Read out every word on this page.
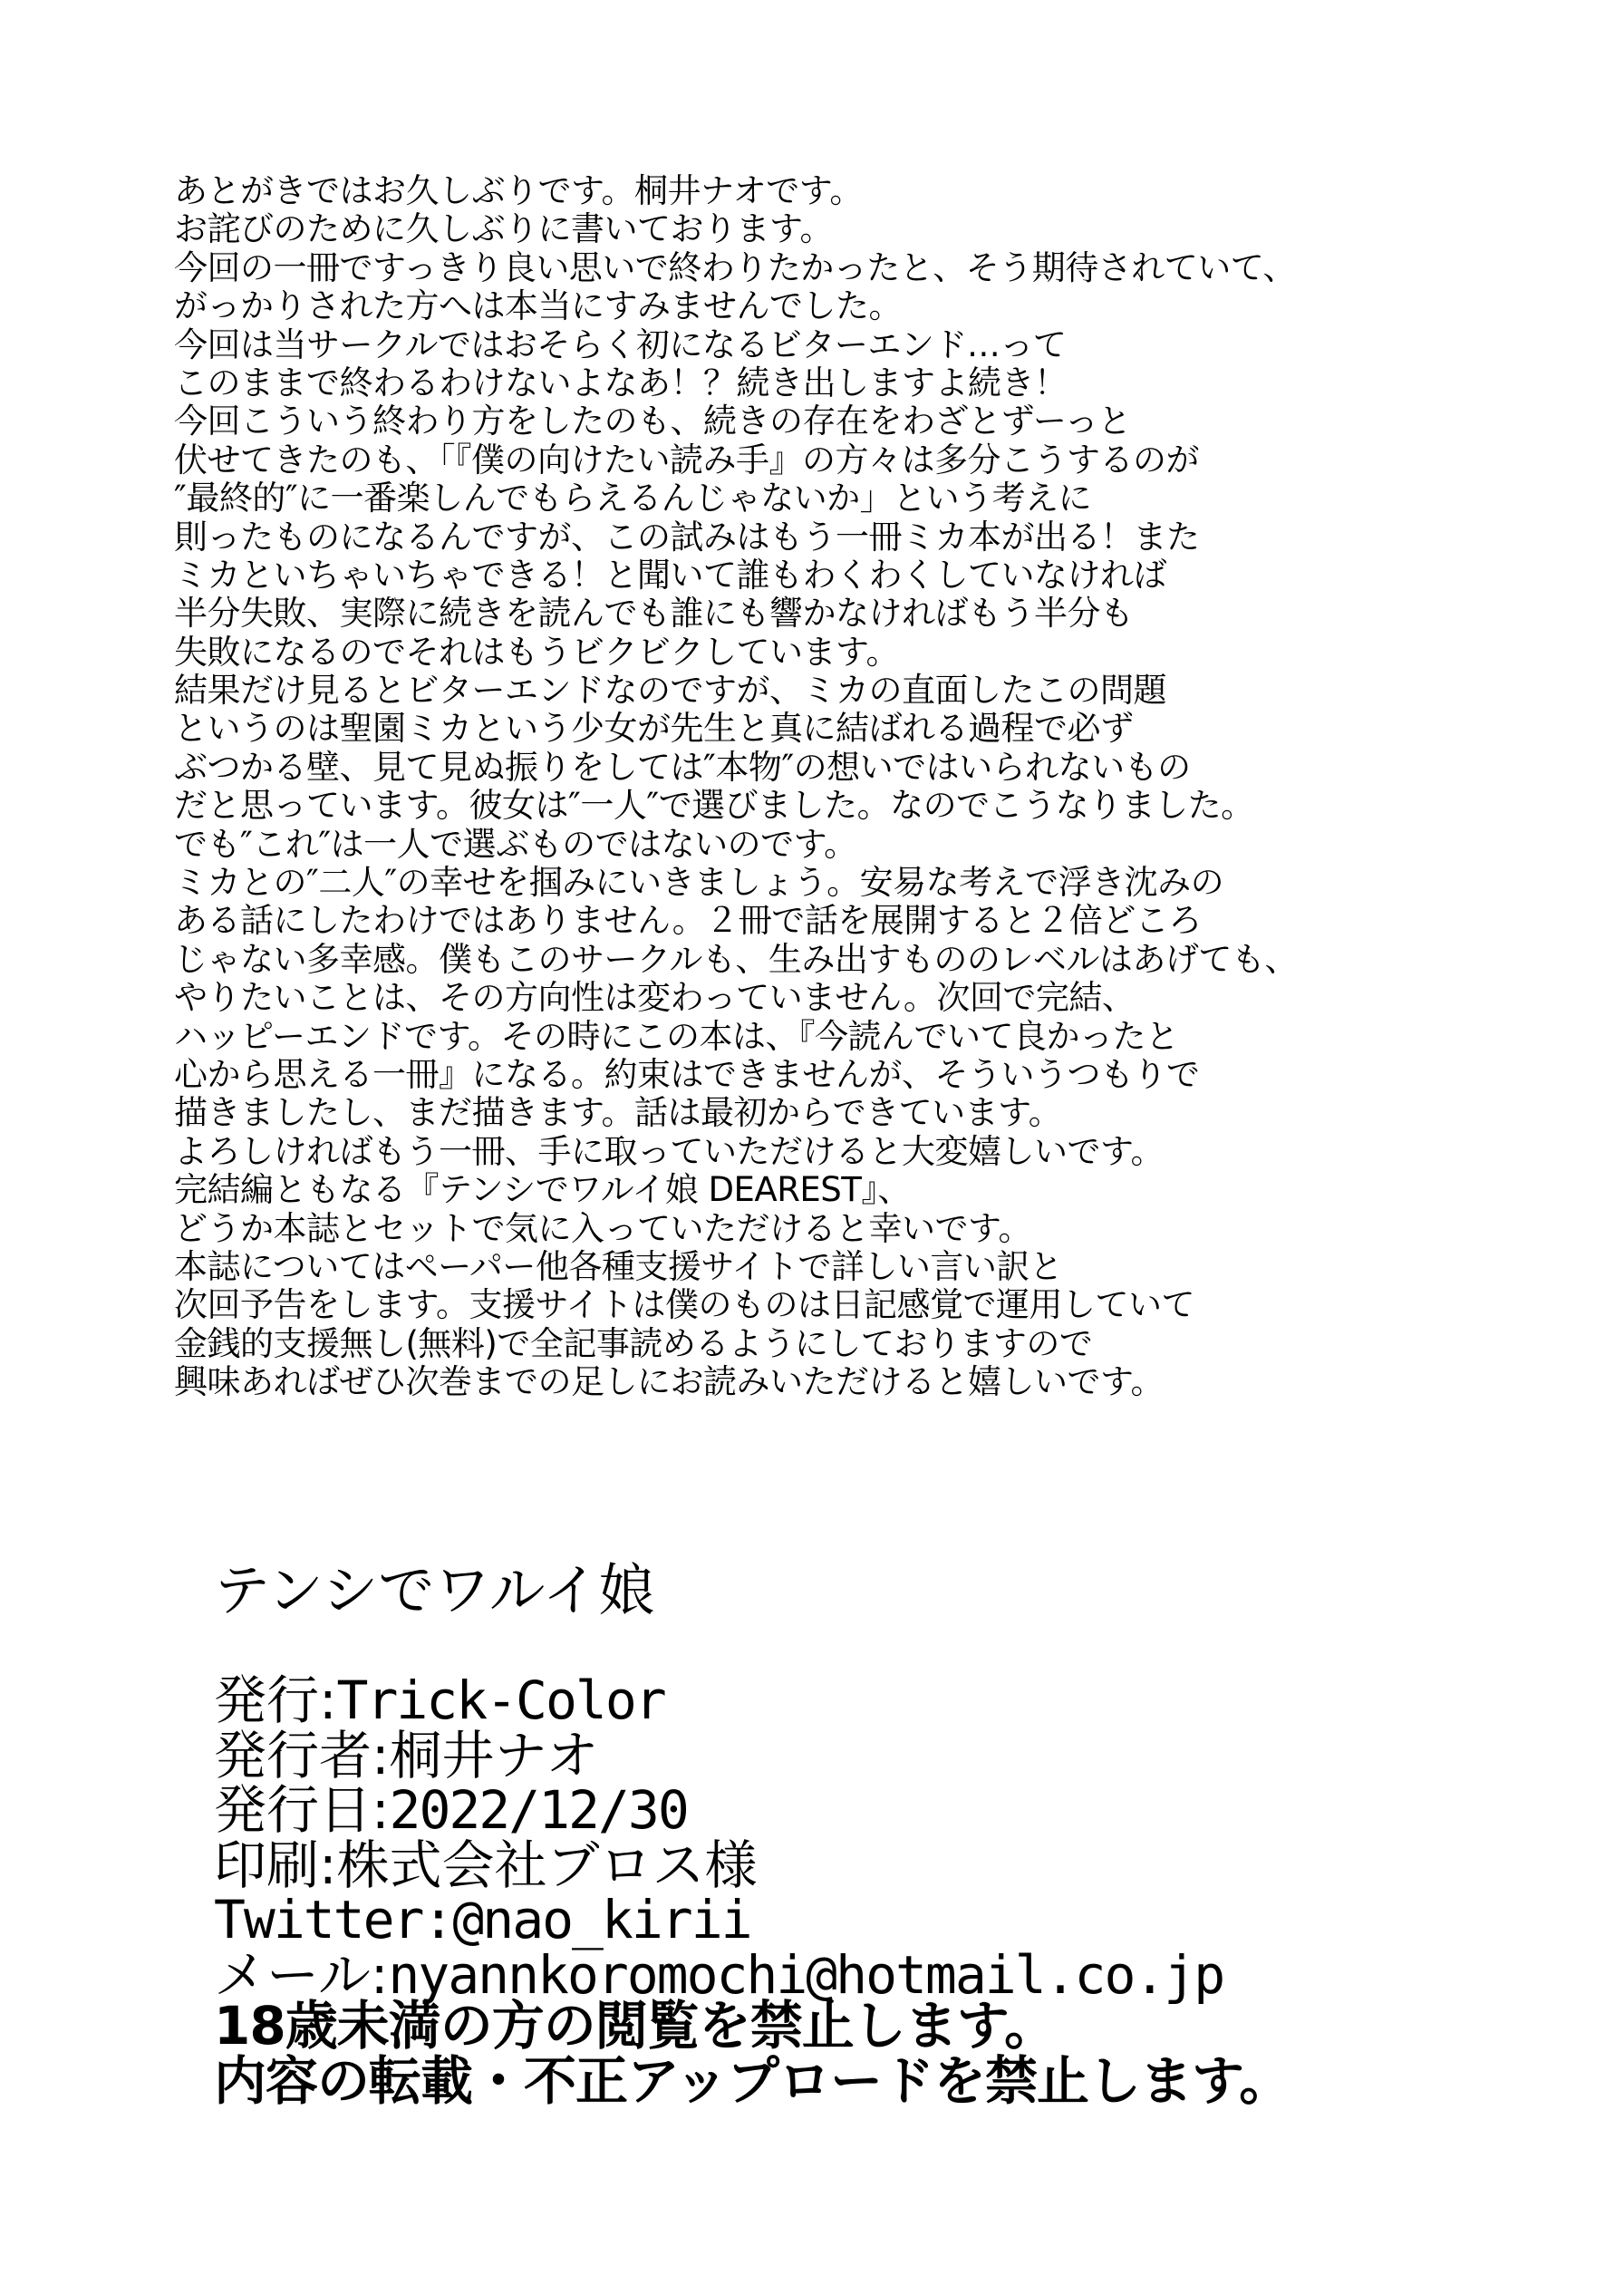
あとがきではお久しぶりです。桐井ナオです。
お詫びのために久しぶりに書いております。
今回の一冊ですっきり良い思いで終わりたかったと、そう期待されていて、
がっかりされた方へは本当にすみませんでした。
今回は当サークルではおそらく初になるビターエンド…って
このままで終わるわけないよなあ！？続き出しますよ続き！
今回こういう終わり方をしたのも、続きの存在をわざとずーっと
伏せてきたのも、「『僕の向けたい読み手』の方々は多分こうするのが
″最終的″に一番楽しんでもらえるんじゃないか」という考えに
則ったものになるんですが、この試みはもう一冊ミカ本が出る！また
ミカといちゃいちゃできる！と聞いて誰もわくわくしていなければ
半分失敗、実際に続きを読んでも誰にも響かなければもう半分も
失敗になるのでそれはもうビクビクしています。
結果だけ見るとビターエンドなのですが、ミカの直面したこの問題
というのは聖園ミカという少女が先生と真に結ばれる過程で必ず
ぶつかる壁、見て見ぬ振りをしては″本物″の想いではいられないもの
だと思っています。彼女は″一人″で選びました。なのでこうなりました。
でも″これ″は一人で選ぶものではないのです。
ミカとの″二人″の幸せを掴みにいきましょう。安易な考えで浮き沈みの
ある話にしたわけではありません。２冊で話を展開すると２倍どころ
じゃない多幸感。僕もこのサークルも、生み出すもののレベルはあげても、
やりたいことは、その方向性は変わっていません。次回で完結、
ハッピーエンドです。その時にこの本は、『今読んでいて良かったと
心から思える一冊』になる。約束はできませんが、そういうつもりで
描きましたし、まだ描きます。話は最初からできています。
よろしければもう一冊、手に取っていただけると大変嬉しいです。
完結編ともなる『テンシでワルイ娘 DEAREST』、
どうか本誌とセットで気に入っていただけると幸いです。
本誌についてはペーパー他各種支援サイトで詳しい言い訳と
次回予告をします。支援サイトは僕のものは日記感覚で運用していて
金銭的支援無し(無料)で全記事読めるようにしておりますので
興味あればぜひ次巻までの足しにお読みいただけると嬉しいです。
テンシでワルイ娘
発行:Trick-Color
発行者:桐井ナオ
発行日:2022/12/30
印刷:株式会社ブロス様
Twitter:@nao_kirii
メール:nyannkoromochi@hotmail.co.jp
18歳未満の方の閲覧を禁止します。
内容の転載・不正アップロードを禁止します。
